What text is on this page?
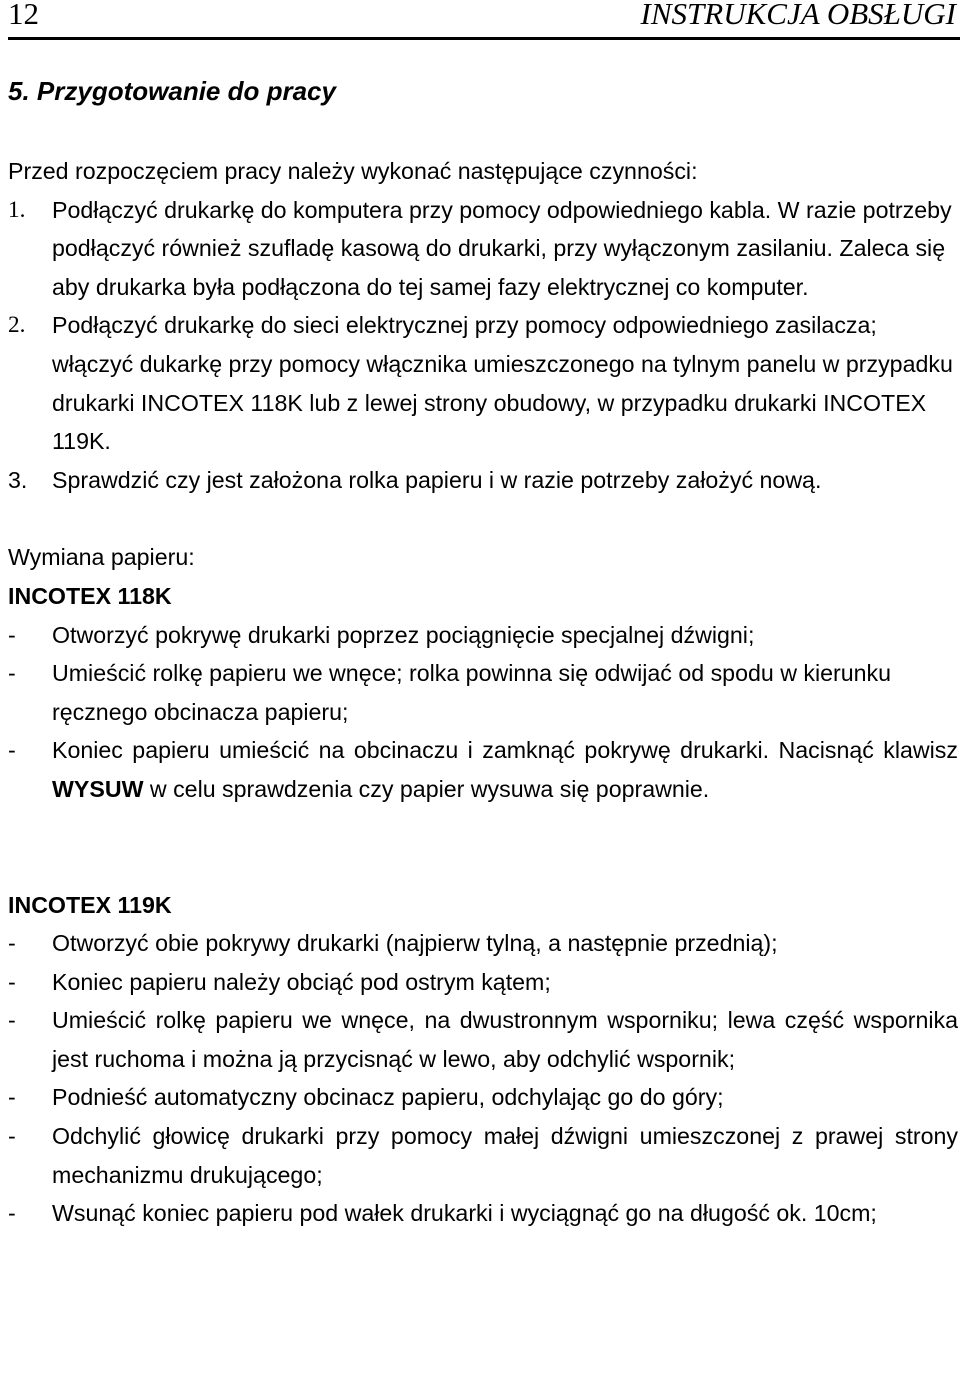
12	INSTRUKCJA OBSŁUGI
5. Przygotowanie do pracy

Przed rozpoczęciem pracy należy wykonać następujące czynności:

1. Podłączyć drukarkę do komputera przy pomocy odpowiedniego kabla. W razie potrzeby podłączyć również szufladę kasową do drukarki, przy wyłączonym zasilaniu. Zaleca się aby drukarka była podłączona do tej samej fazy elektrycznej co komputer.
2. Podłączyć drukarkę do sieci elektrycznej przy pomocy odpowiedniego zasilacza; włączyć dukarkę przy pomocy włącznika umieszczonego na tylnym panelu w przypadku drukarki INCOTEX 118K lub z lewej strony obudowy, w przypadku drukarki INCOTEX 119K.
3. Sprawdzić czy jest założona rolka papieru i w razie potrzeby założyć nową.

Wymiana papieru:

INCOTEX 118K

- Otworzyć pokrywę drukarki poprzez pociągnięcie specjalnej dźwigni;
- Umieścić rolkę papieru we wnęce; rolka powinna się odwijać od spodu w kierunku ręcznego obcinacza papieru;
- Koniec papieru umieścić na obcinaczu i zamknąć pokrywę drukarki. Nacisnąć klawisz WYSUW w celu sprawdzenia czy papier wysuwa się poprawnie.

INCOTEX 119K

- Otworzyć obie pokrywy drukarki (najpierw tylną, a następnie przednią);
- Koniec papieru należy obciąć pod ostrym kątem;
- Umieścić rolkę papieru we wnęce, na dwustronnym wsporniku; lewa część wspornika jest ruchoma i można ją przycisnąć w lewo, aby odchylić wspornik;
- Podnieść automatyczny obcinacz papieru, odchylając go do góry;
- Odchylić głowicę drukarki przy pomocy małej dźwigni umieszczonej z prawej strony mechanizmu drukującego;
- Wsunąć koniec papieru pod wałek drukarki i wyciągnąć go na długość ok. 10cm;
